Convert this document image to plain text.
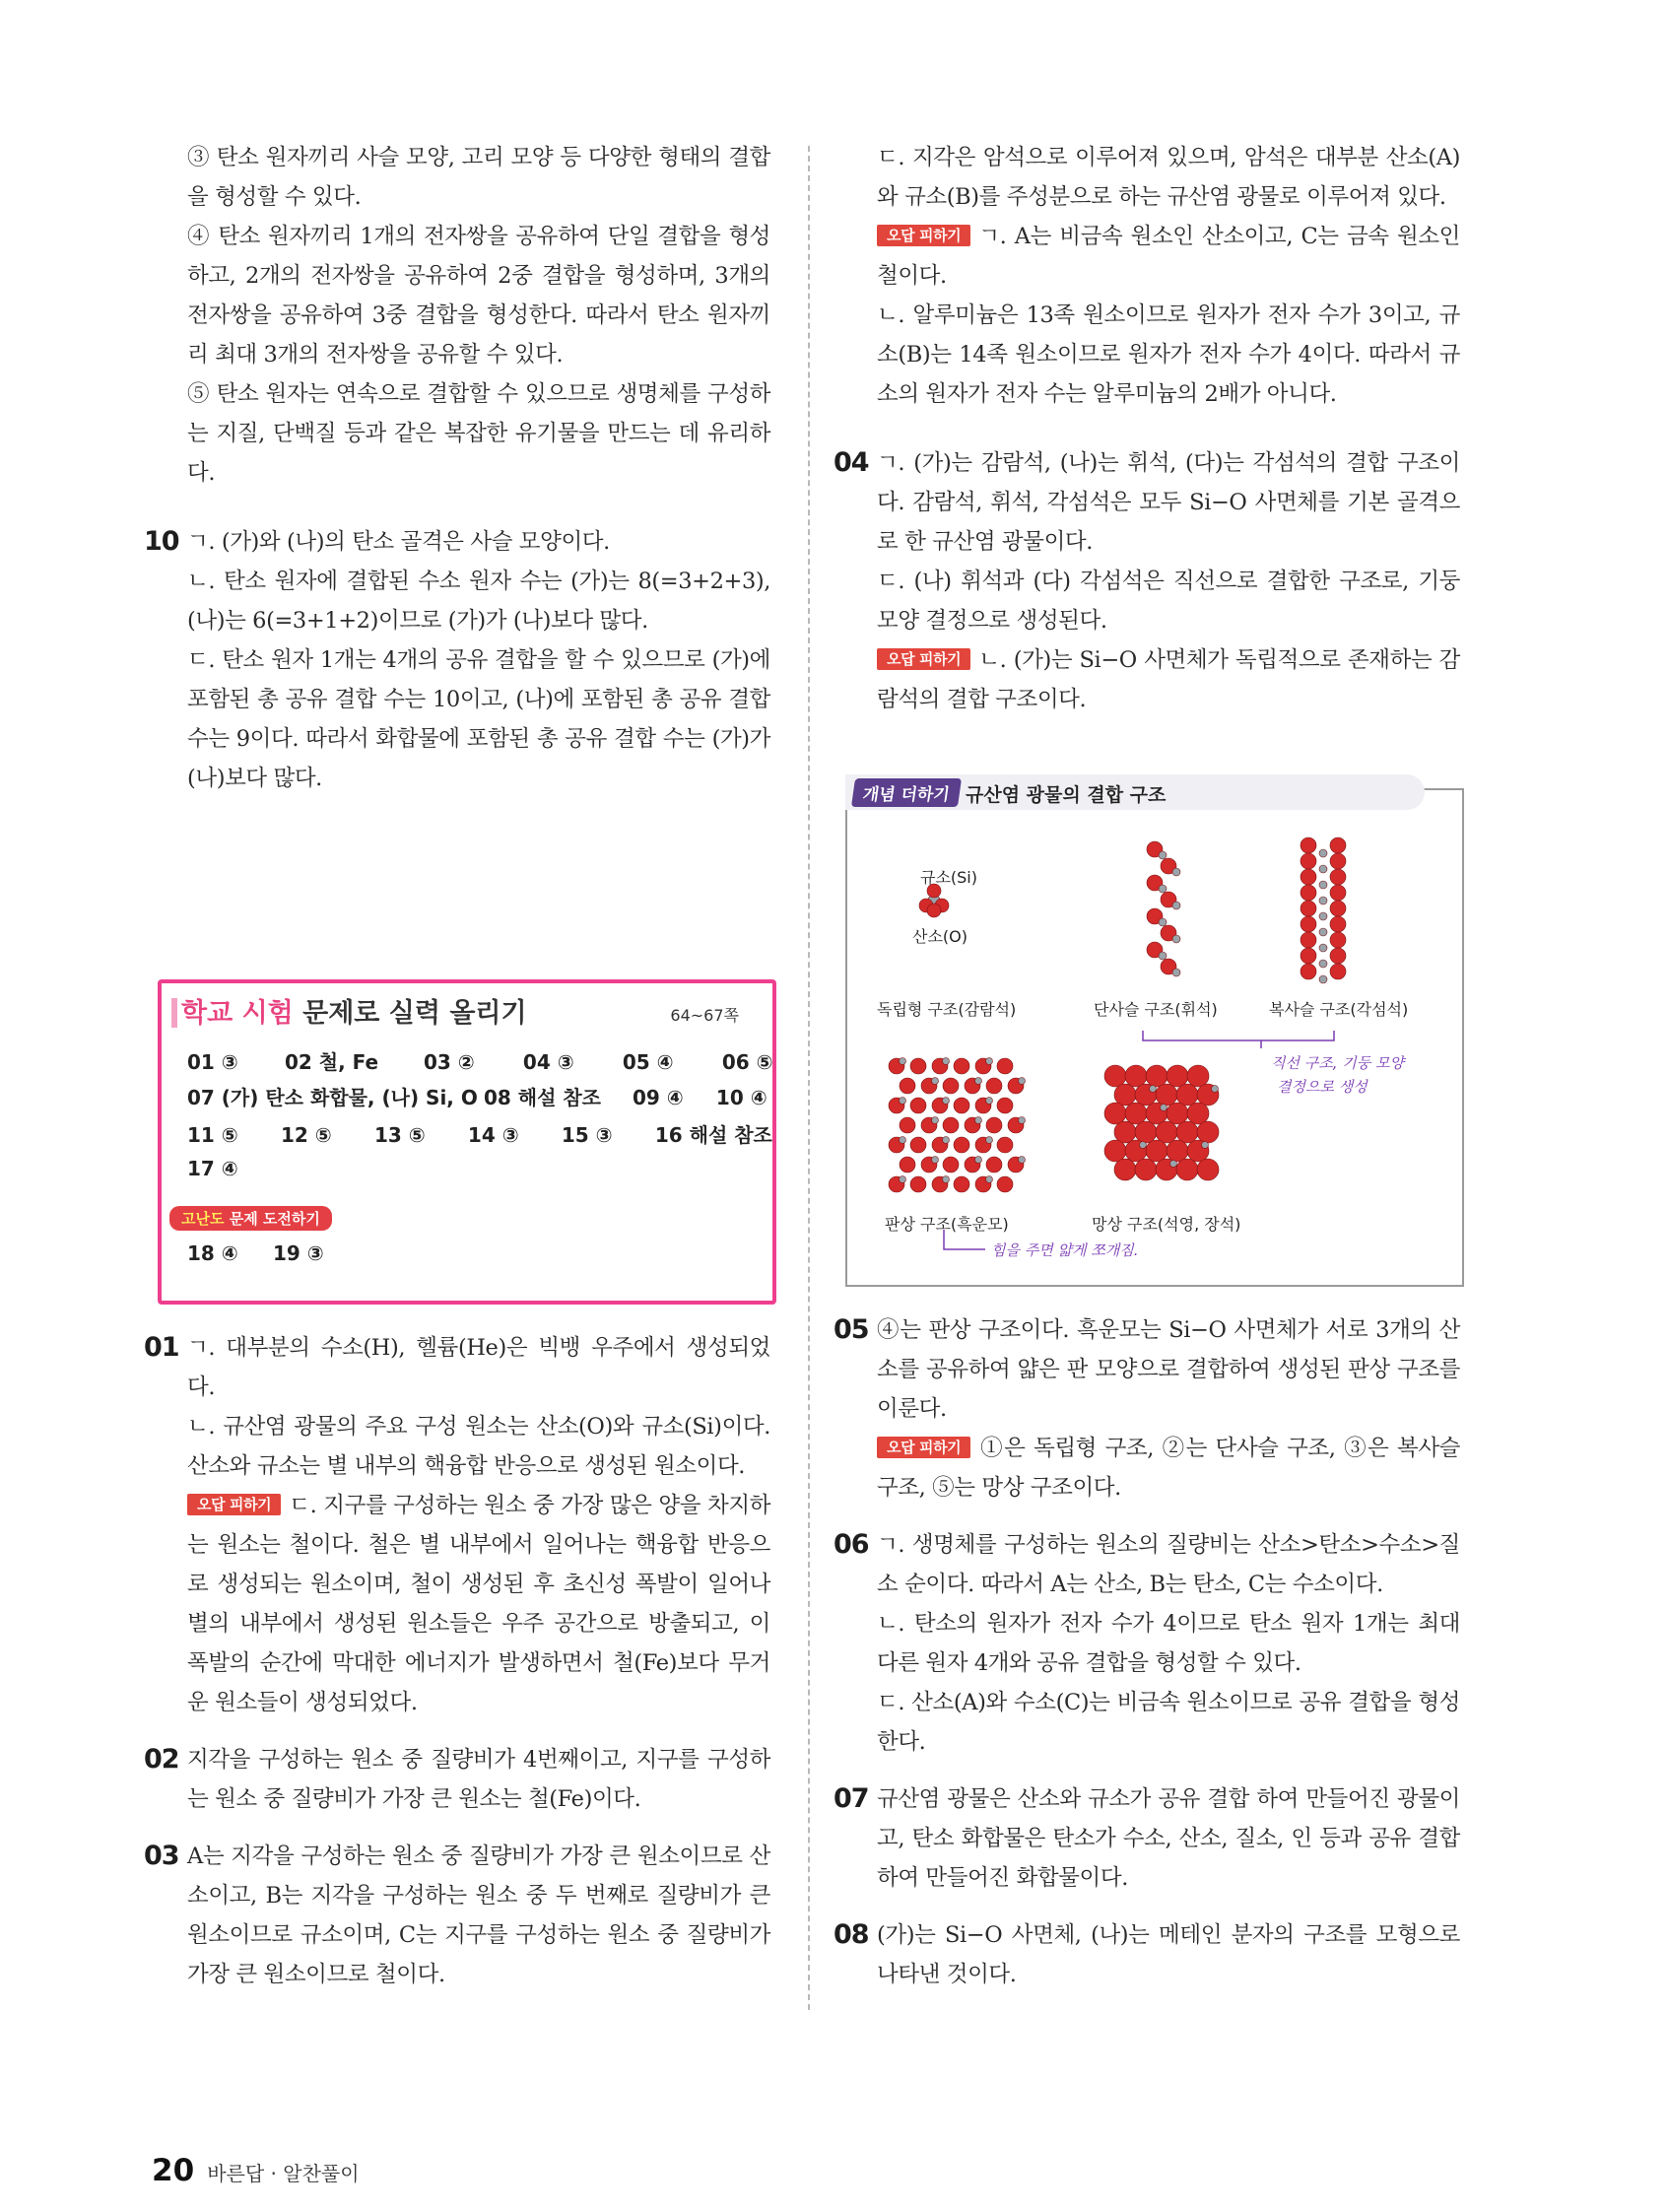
③ 탄소 원자끼리 사슬 모양, 고리 모양 등 다양한 형태의 결합을 형성할 수 있다.

④ 탄소 원자끼리 1개의 전자쌍을 공유하여 단일 결합을 형성하고, 2개의 전자쌍을 공유하여 2중 결합을 형성하며, 3개의 전자쌍을 공유하여 3중 결합을 형성한다. 따라서 탄소 원자끼리 최대 3개의 전자쌍을 공유할 수 있다.

⑤ 탄소 원자는 연속으로 결합할 수 있으므로 생명체를 구성하는 지질, 단백질 등과 같은 복잡한 유기물을 만드는 데 유리하다.

10 ㄱ. (가)와 (나)의 탄소 골격은 사슬 모양이다.

ㄴ. 탄소 원자에 결합된 수소 원자 수는 (가)는 8(=3+2+3), (나)는 6(=3+1+2)이므로 (가)가 (나)보다 많다.

ㄷ. 탄소 원자 1개는 4개의 공유 결합을 할 수 있으므로 (가)에 포함된 총 공유 결합 수는 10이고, (나)에 포함된 총 공유 결합 수는 9이다. 따라서 화합물에 포함된 총 공유 결합 수는 (가)가 (나)보다 많다.

학교 시험 문제로 실력 올리기	64~67쪽
01 ③ 02 철, Fe 03 ② 04 ③ 05 ④ 06 ⑤
07 (가) 탄소 화합물, (나) Si, O 08 해설 참조 09 ④ 10 ④
11 ⑤ 12 ⑤ 13 ⑤ 14 ③ 15 ③ 16 해설 참조
17 ④
고난도 문제 도전하기
18 ④ 19 ③
01 ㄱ. 대부분의 수소(H), 헬륨(He)은 빅뱅 우주에서 생성되었다.

ㄴ. 규산염 광물의 주요 구성 원소는 산소(O)와 규소(Si)이다. 산소와 규소는 별 내부의 핵융합 반응으로 생성된 원소이다.

오답 피하기 ㄷ. 지구를 구성하는 원소 중 가장 많은 양을 차지하는 원소는 철이다. 철은 별 내부에서 일어나는 핵융합 반응으로 생성되는 원소이며, 철이 생성된 후 초신성 폭발이 일어나 별의 내부에서 생성된 원소들은 우주 공간으로 방출되고, 이 폭발의 순간에 막대한 에너지가 발생하면서 철(Fe)보다 무거운 원소들이 생성되었다.

02 지각을 구성하는 원소 중 질량비가 4번째이고, 지구를 구성하는 원소 중 질량비가 가장 큰 원소는 철(Fe)이다.

03 A는 지각을 구성하는 원소 중 질량비가 가장 큰 원소이므로 산소이고, B는 지각을 구성하는 원소 중 두 번째로 질량비가 큰 원소이므로 규소이며, C는 지구를 구성하는 원소 중 질량비가 가장 큰 원소이므로 철이다.

ㄷ. 지각은 암석으로 이루어져 있으며, 암석은 대부분 산소(A)와 규소(B)를 주성분으로 하는 규산염 광물로 이루어져 있다.

오답 피하기 ㄱ. A는 비금속 원소인 산소이고, C는 금속 원소인 철이다.

ㄴ. 알루미늄은 13족 원소이므로 원자가 전자 수가 3이고, 규소(B)는 14족 원소이므로 원자가 전자 수가 4이다. 따라서 규소의 원자가 전자 수는 알루미늄의 2배가 아니다.

04 ㄱ. (가)는 감람석, (나)는 휘석, (다)는 각섬석의 결합 구조이다. 감람석, 휘석, 각섬석은 모두 Si−O 사면체를 기본 골격으로 한 규산염 광물이다.

ㄷ. (나) 휘석과 (다) 각섬석은 직선으로 결합한 구조로, 기둥 모양 결정으로 생성된다.

오답 피하기 ㄴ. (가)는 Si−O 사면체가 독립적으로 존재하는 감람석의 결합 구조이다.

개념 더하기 규산염 광물의 결합 구조
규소(Si)
산소(O)
독립형 구조(감람석)	단사슬 구조(휘석)	복사슬 구조(각섬석)
직선 구조, 기둥 모양
결정으로 생성
판상 구조(흑운모)	망상 구조(석영, 장석)
힘을 주면 얇게 쪼개짐.
05 ④는 판상 구조이다. 흑운모는 Si−O 사면체가 서로 3개의 산소를 공유하여 얇은 판 모양으로 결합하여 생성된 판상 구조를 이룬다.

오답 피하기 ①은 독립형 구조, ②는 단사슬 구조, ③은 복사슬 구조, ⑤는 망상 구조이다.

06 ㄱ. 생명체를 구성하는 원소의 질량비는 산소>탄소>수소>질소 순이다. 따라서 A는 산소, B는 탄소, C는 수소이다.

ㄴ. 탄소의 원자가 전자 수가 4이므로 탄소 원자 1개는 최대 다른 원자 4개와 공유 결합을 형성할 수 있다.

ㄷ. 산소(A)와 수소(C)는 비금속 원소이므로 공유 결합을 형성한다.

07 규산염 광물은 산소와 규소가 공유 결합 하여 만들어진 광물이고, 탄소 화합물은 탄소가 수소, 산소, 질소, 인 등과 공유 결합 하여 만들어진 화합물이다.

08 (가)는 Si−O 사면체, (나)는 메테인 분자의 구조를 모형으로 나타낸 것이다.

20 바른답 · 알찬풀이
